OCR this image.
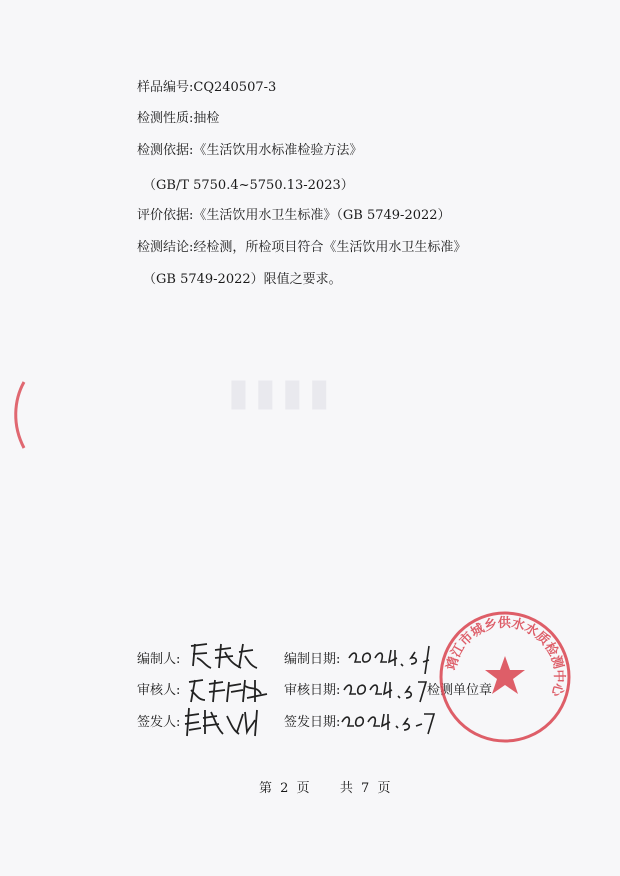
▮▮▮▮
样品编号:CQ240507-3
检测性质:抽检
检测依据:《生活饮用水标准检验方法》
（GB/T 5750.4~5750.13-2023）
评价依据:《生活饮用水卫生标准》（GB 5749-2022）
检测结论:经检测，所检项目符合《生活饮用水卫生标准》
（GB 5749-2022）限值之要求。
编制人:	编制日期:
审核人:	审核日期:	检测单位章
签发人:	签发日期:
靖江市城乡供水水质检测中心
第 2 页 共 7 页
